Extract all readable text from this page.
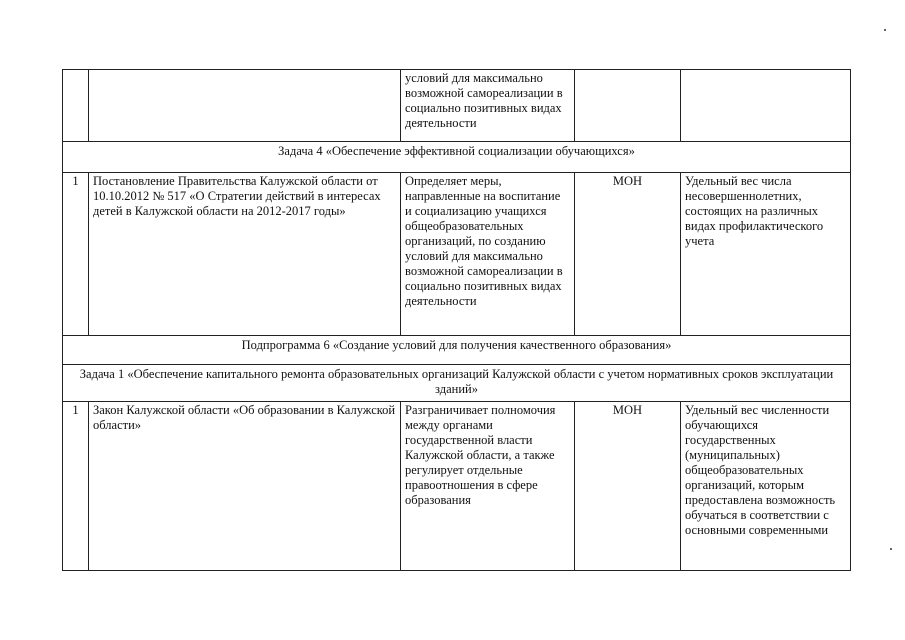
		условий для максимально возможной самореализации в социально позитивных видах деятельности		
Задача 4 «Обеспечение эффективной социализации обучающихся»				
1	Постановление Правительства Калужской области от 10.10.2012 № 517 «О Стратегии действий в интересах детей в Калужской области на 2012-2017 годы»	Определяет меры, направленные на воспитание и социализацию учащихся общеобразовательных организаций, по созданию условий для максимально возможной самореализации в социально позитивных видах деятельности	МОН	Удельный вес числа несовершеннолетних, состоящих на различных видах профилактического учета
Подпрограмма 6 «Создание условий для получения качественного образования»				
Задача 1 «Обеспечение капитального ремонта образовательных организаций Калужской области с учетом нормативных сроков эксплуатации зданий»				
1	Закон Калужской области «Об образовании в Калужской области»	Разграничивает полномочия между органами государственной власти Калужской области, а также регулирует отдельные правоотношения в сфере образования	МОН	Удельный вес численности обучающихся государственных (муниципальных) общеобразовательных организаций, которым предоставлена возможность обучаться в соответствии с основными современными
